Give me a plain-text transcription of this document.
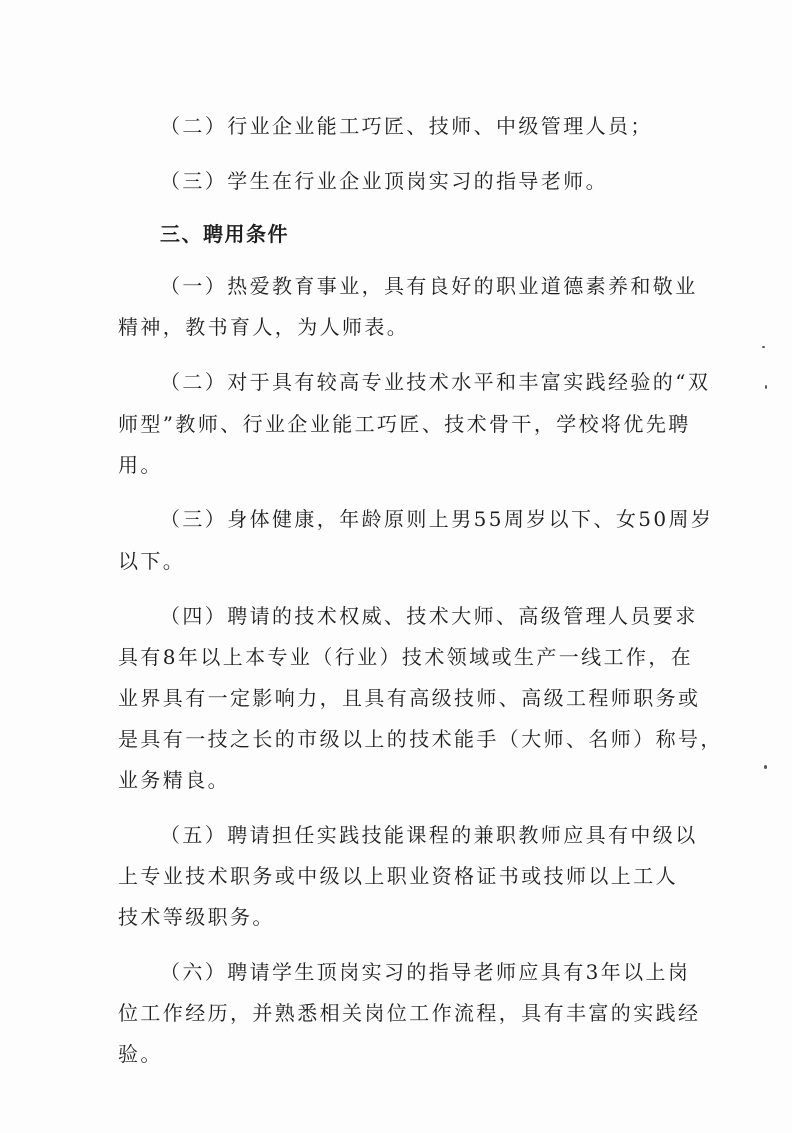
（二）行业企业能工巧匠、技师、中级管理人员；
（三）学生在行业企业顶岗实习的指导老师。
三、聘用条件
（一）热爱教育事业，具有良好的职业道德素养和敬业
精神，教书育人，为人师表。
（二）对于具有较高专业技术水平和丰富实践经验的“双
师型”教师、行业企业能工巧匠、技术骨干，学校将优先聘
用。
（三）身体健康，年龄原则上男55周岁以下、女50周岁
以下。
（四）聘请的技术权威、技术大师、高级管理人员要求
具有8年以上本专业（行业）技术领域或生产一线工作，在
业界具有一定影响力，且具有高级技师、高级工程师职务或
是具有一技之长的市级以上的技术能手（大师、名师）称号，
业务精良。
（五）聘请担任实践技能课程的兼职教师应具有中级以
上专业技术职务或中级以上职业资格证书或技师以上工人
技术等级职务。
（六）聘请学生顶岗实习的指导老师应具有3年以上岗
位工作经历，并熟悉相关岗位工作流程，具有丰富的实践经
验。
